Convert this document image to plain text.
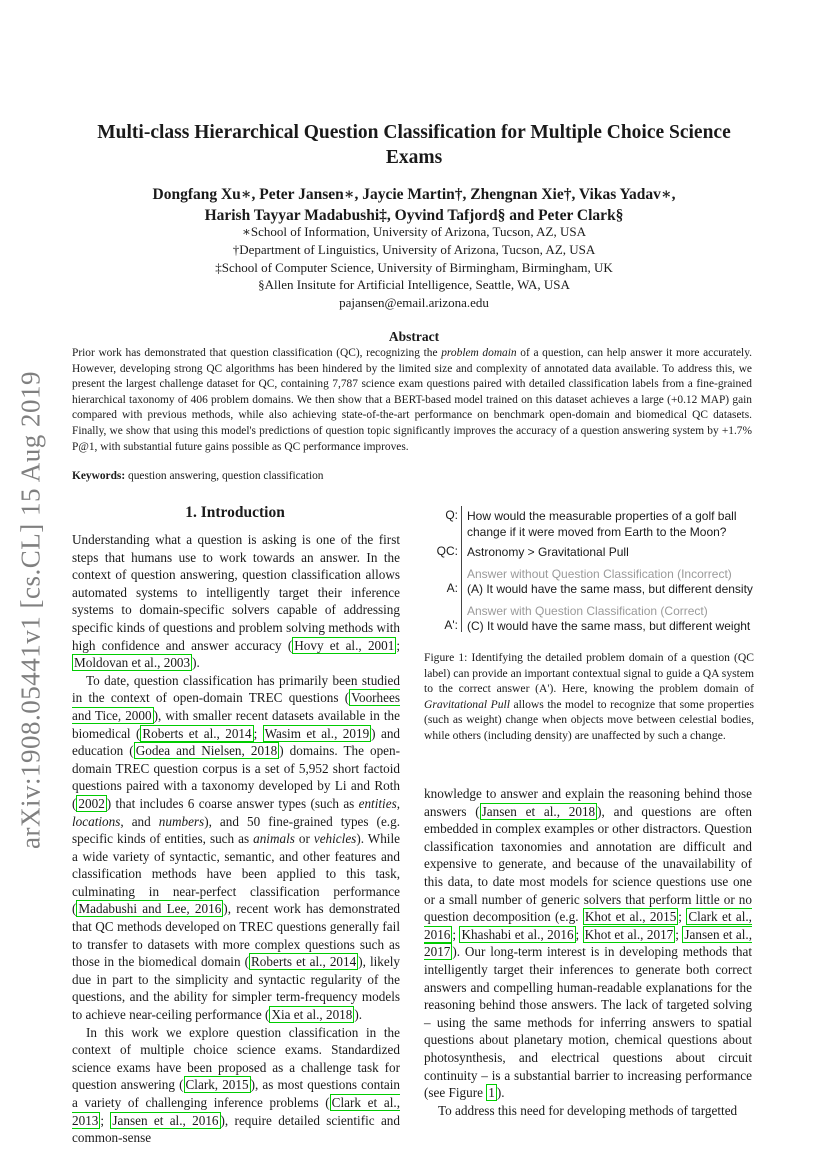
arXiv:1908.05441v1 [cs.CL] 15 Aug 2019
Multi-class Hierarchical Question Classification for Multiple Choice Science Exams
Dongfang Xu∗, Peter Jansen∗, Jaycie Martin†, Zhengnan Xie†, Vikas Yadav∗,
Harish Tayyar Madabushi‡, Oyvind Tafjord§ and Peter Clark§
∗School of Information, University of Arizona, Tucson, AZ, USA
†Department of Linguistics, University of Arizona, Tucson, AZ, USA
‡School of Computer Science, University of Birmingham, Birmingham, UK
§Allen Insitute for Artificial Intelligence, Seattle, WA, USA
pajansen@email.arizona.edu
Abstract
Prior work has demonstrated that question classification (QC), recognizing the problem domain of a question, can help answer it more accurately. However, developing strong QC algorithms has been hindered by the limited size and complexity of annotated data available. To address this, we present the largest challenge dataset for QC, containing 7,787 science exam questions paired with detailed classification labels from a fine-grained hierarchical taxonomy of 406 problem domains. We then show that a BERT-based model trained on this dataset achieves a large (+0.12 MAP) gain compared with previous methods, while also achieving state-of-the-art performance on benchmark open-domain and biomedical QC datasets. Finally, we show that using this model's predictions of question topic significantly improves the accuracy of a question answering system by +1.7% P@1, with substantial future gains possible as QC performance improves.
Keywords: question answering, question classification
1. Introduction

Understanding what a question is asking is one of the first steps that humans use to work towards an answer. In the context of question answering, question classification allows automated systems to intelligently target their inference systems to domain-specific solvers capable of addressing specific kinds of questions and problem solving methods with high confidence and answer accuracy ( Hovy et al., 2001 ; Moldovan et al., 2003 ).

To date, question classification has primarily been studied in the context of open-domain TREC questions ( Voorhees and Tice, 2000 ), with smaller recent datasets available in the biomedical ( Roberts et al., 2014 ; Wasim et al., 2019 ) and education ( Godea and Nielsen, 2018 ) domains. The open-domain TREC question corpus is a set of 5,952 short factoid questions paired with a taxonomy developed by Li and Roth ( 2002 ) that includes 6 coarse answer types (such as entities, locations, and numbers), and 50 fine-grained types (e.g. specific kinds of entities, such as animals or vehicles). While a wide variety of syntactic, semantic, and other features and classification methods have been applied to this task, culminating in near-perfect classification performance ( Madabushi and Lee, 2016 ), recent work has demonstrated that QC methods developed on TREC questions generally fail to transfer to datasets with more complex questions such as those in the biomedical domain ( Roberts et al., 2014 ), likely due in part to the simplicity and syntactic regularity of the questions, and the ability for simpler term-frequency models to achieve near-ceiling performance ( Xia et al., 2018 ).

In this work we explore question classification in the context of multiple choice science exams. Standardized science exams have been proposed as a challenge task for question answering ( Clark, 2015 ), as most questions contain a variety of challenging inference problems ( Clark et al., 2013 ; Jansen et al., 2016 ), require detailed scientific and common-sense

Q: How would the measurable properties of a golf ball change if it were moved from Earth to the Moon?
QC: Astronomy > Gravitational Pull
Answer without Question Classification (Incorrect)
A: (A) It would have the same mass, but different density
Answer with Question Classification (Correct)
A': (C) It would have the same mass, but different weight
Figure 1: Identifying the detailed problem domain of a question (QC label) can provide an important contextual signal to guide a QA system to the correct answer (A'). Here, knowing the problem domain of Gravitational Pull allows the model to recognize that some properties (such as weight) change when objects move between celestial bodies, while others (including density) are unaffected by such a change.

knowledge to answer and explain the reasoning behind those answers ( Jansen et al., 2018 ), and questions are often embedded in complex examples or other distractors. Question classification taxonomies and annotation are difficult and expensive to generate, and because of the unavailability of this data, to date most models for science questions use one or a small number of generic solvers that perform little or no question decomposition (e.g. Khot et al., 2015 ; Clark et al., 2016 ; Khashabi et al., 2016 ; Khot et al., 2017 ; Jansen et al., 2017 ). Our long-term interest is in developing methods that intelligently target their inferences to generate both correct answers and compelling human-readable explanations for the reasoning behind those answers. The lack of targeted solving – using the same methods for inferring answers to spatial questions about planetary motion, chemical questions about photosynthesis, and electrical questions about circuit continuity – is a substantial barrier to increasing performance (see Figure 1 ).

To address this need for developing methods of targetted
